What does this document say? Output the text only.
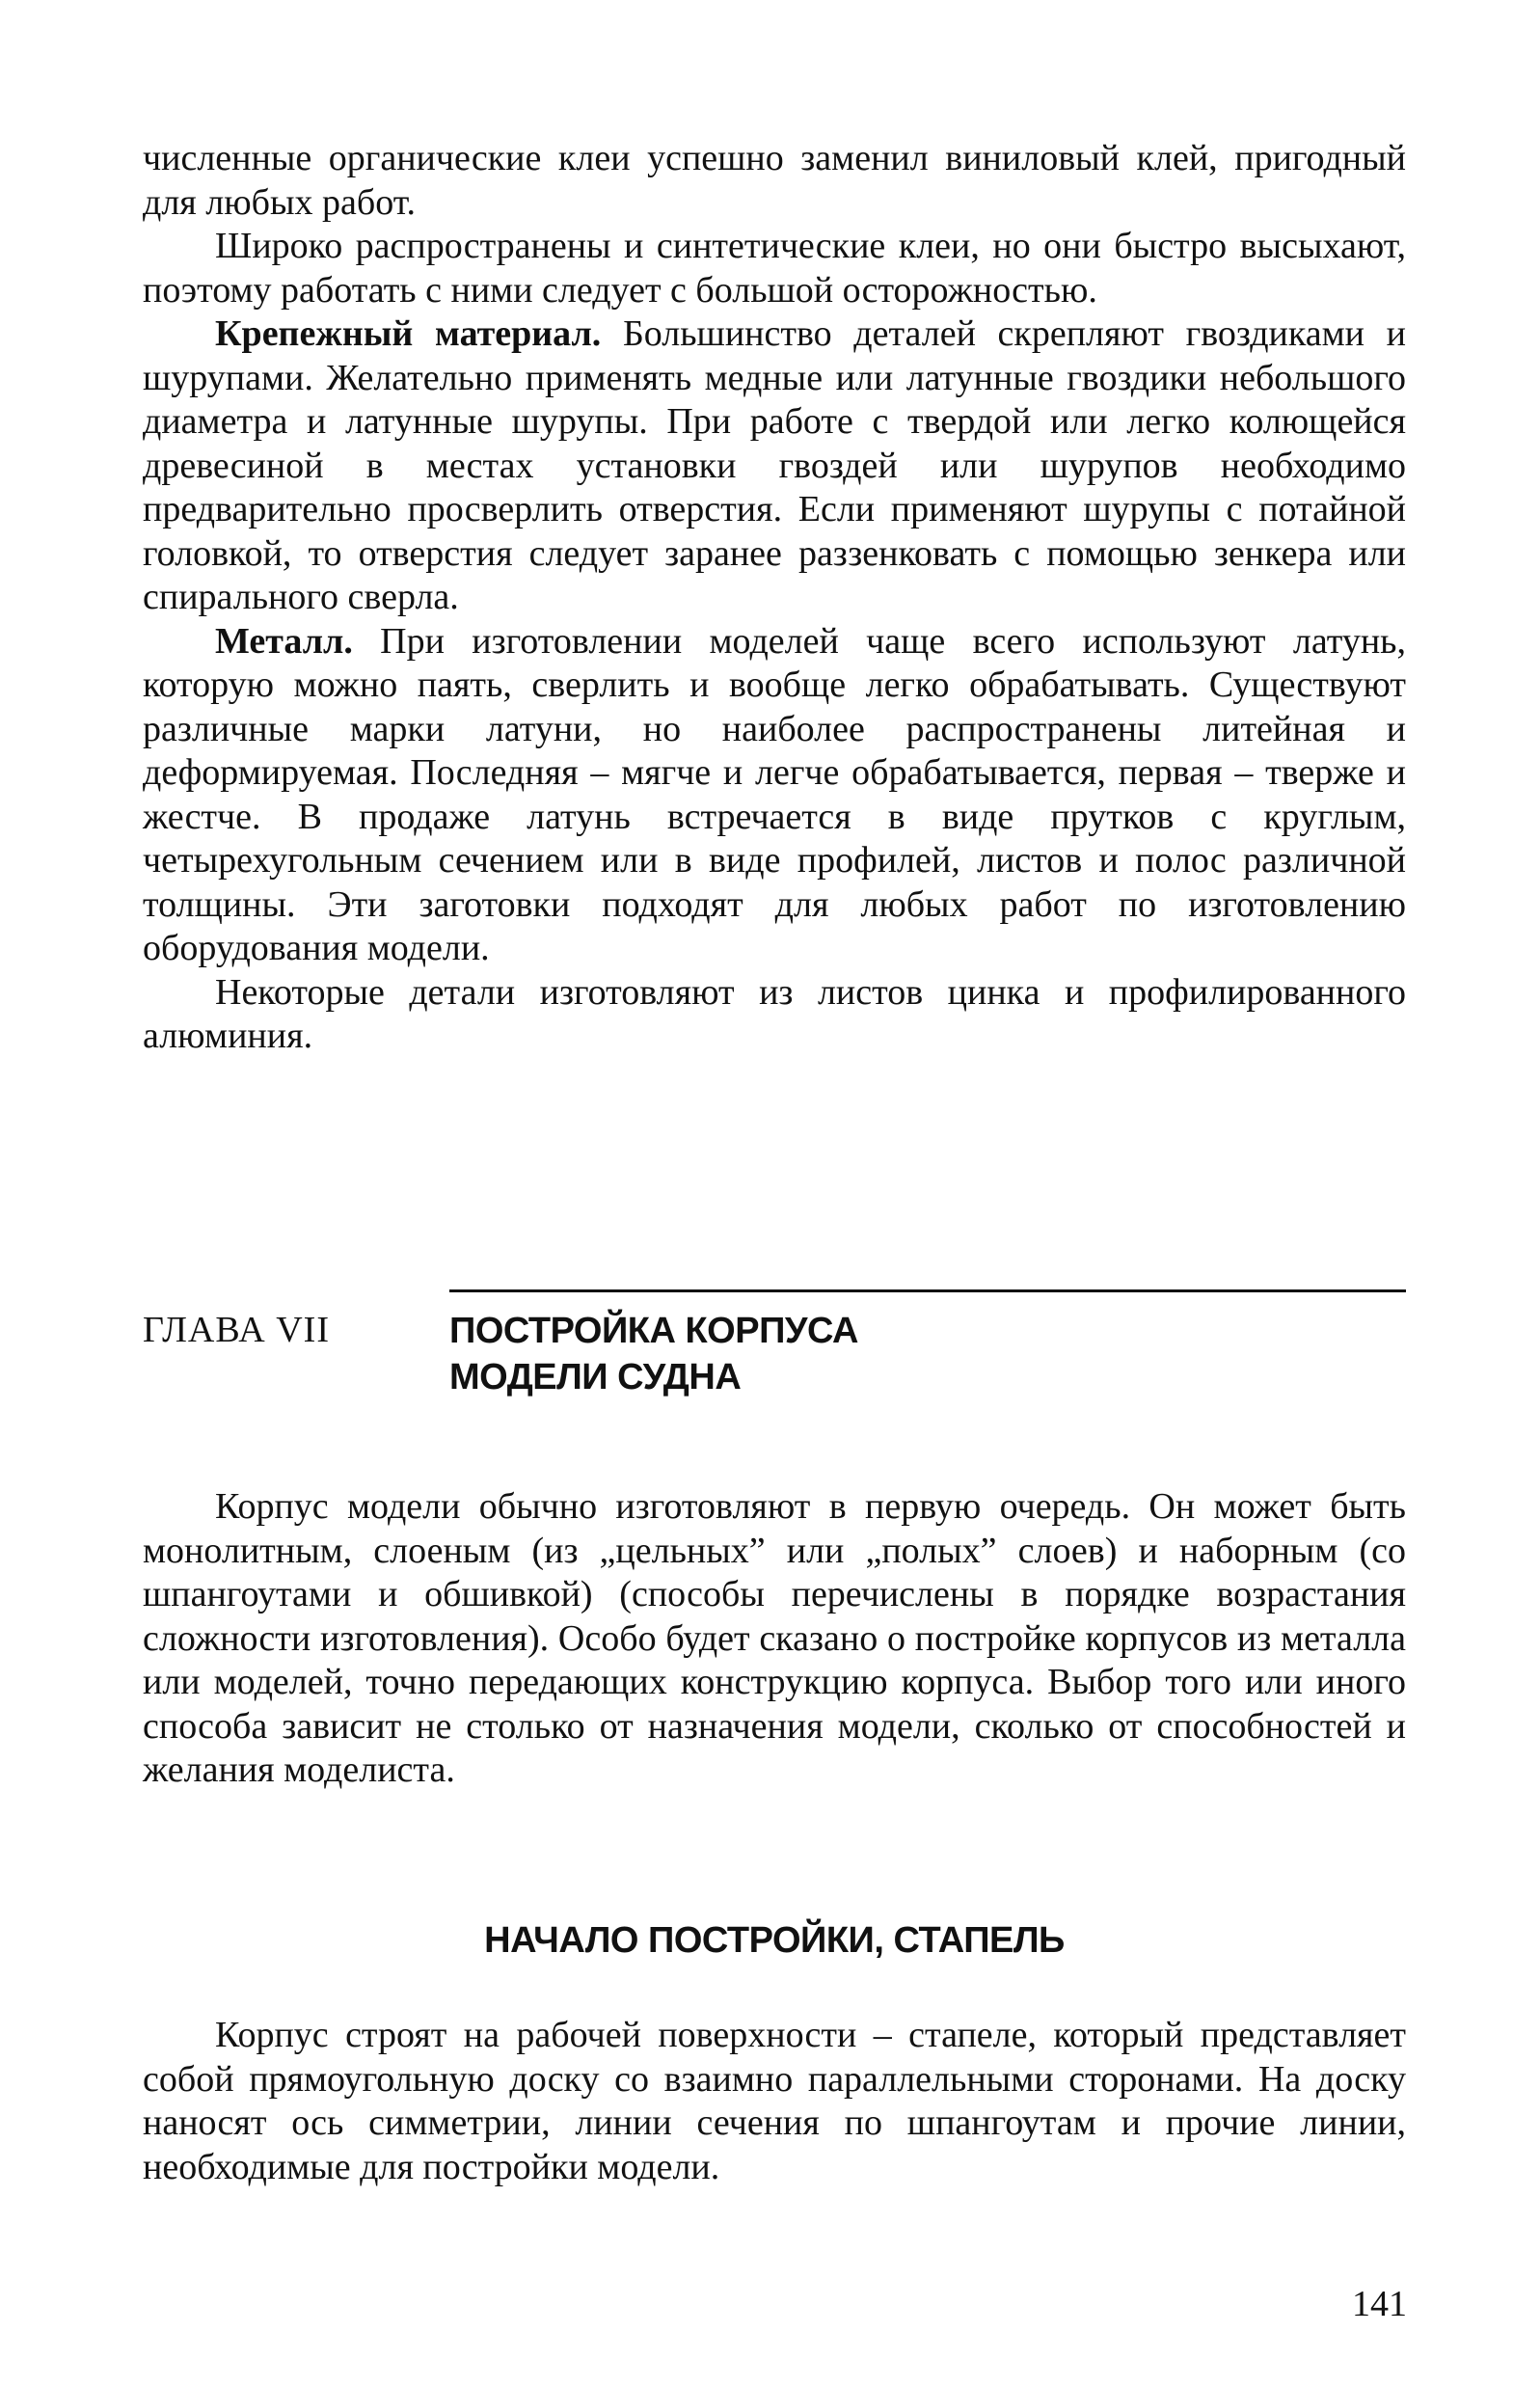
численные органические клеи успешно заменил виниловый клей, пригодный для любых работ.

Широко распространены и синтетические клеи, но они быстро высыхают, поэтому работать с ними следует с большой осторожностью.

Крепежный материал. Большинство деталей скрепляют гвоздиками и шурупами. Желательно применять медные или латунные гвоздики небольшого диаметра и латунные шурупы. При работе с твердой или легко колющейся древесиной в местах установки гвоздей или шурупов необходимо предварительно просверлить отверстия. Если применяют шурупы с потайной головкой, то отверстия следует заранее раззенковать с помощью зенкера или спирального сверла.

Металл. При изготовлении моделей чаще всего используют латунь, которую можно паять, сверлить и вообще легко обрабатывать. Существуют различные марки латуни, но наиболее распространены литейная и деформируемая. Последняя – мягче и легче обрабатывается, первая – тверже и жестче. В продаже латунь встречается в виде прутков с круглым, четырехугольным сечением или в виде профилей, листов и полос различной толщины. Эти заготовки подходят для любых работ по изготовлению оборудования модели.

Некоторые детали изготовляют из листов цинка и профилированного алюминия.

ГЛАВА VII	ПОСТРОЙКА КОРПУСА
МОДЕЛИ СУДНА

Корпус модели обычно изготовляют в первую очередь. Он может быть монолитным, слоеным (из „цельных” или „полых” слоев) и наборным (со шпангоутами и обшивкой) (способы перечислены в порядке возрастания сложности изготовления). Особо будет сказано о постройке корпусов из металла или моделей, точно передающих конструкцию корпуса. Выбор того или иного способа зависит не столько от назначения модели, сколько от способностей и желания моделиста.

НАЧАЛО ПОСТРОЙКИ, СТАПЕЛЬ

Корпус строят на рабочей поверхности – стапеле, который представляет собой прямоугольную доску со взаимно параллельными сторонами. На доску наносят ось симметрии, линии сечения по шпангоутам и прочие линии, необходимые для постройки модели.

141
